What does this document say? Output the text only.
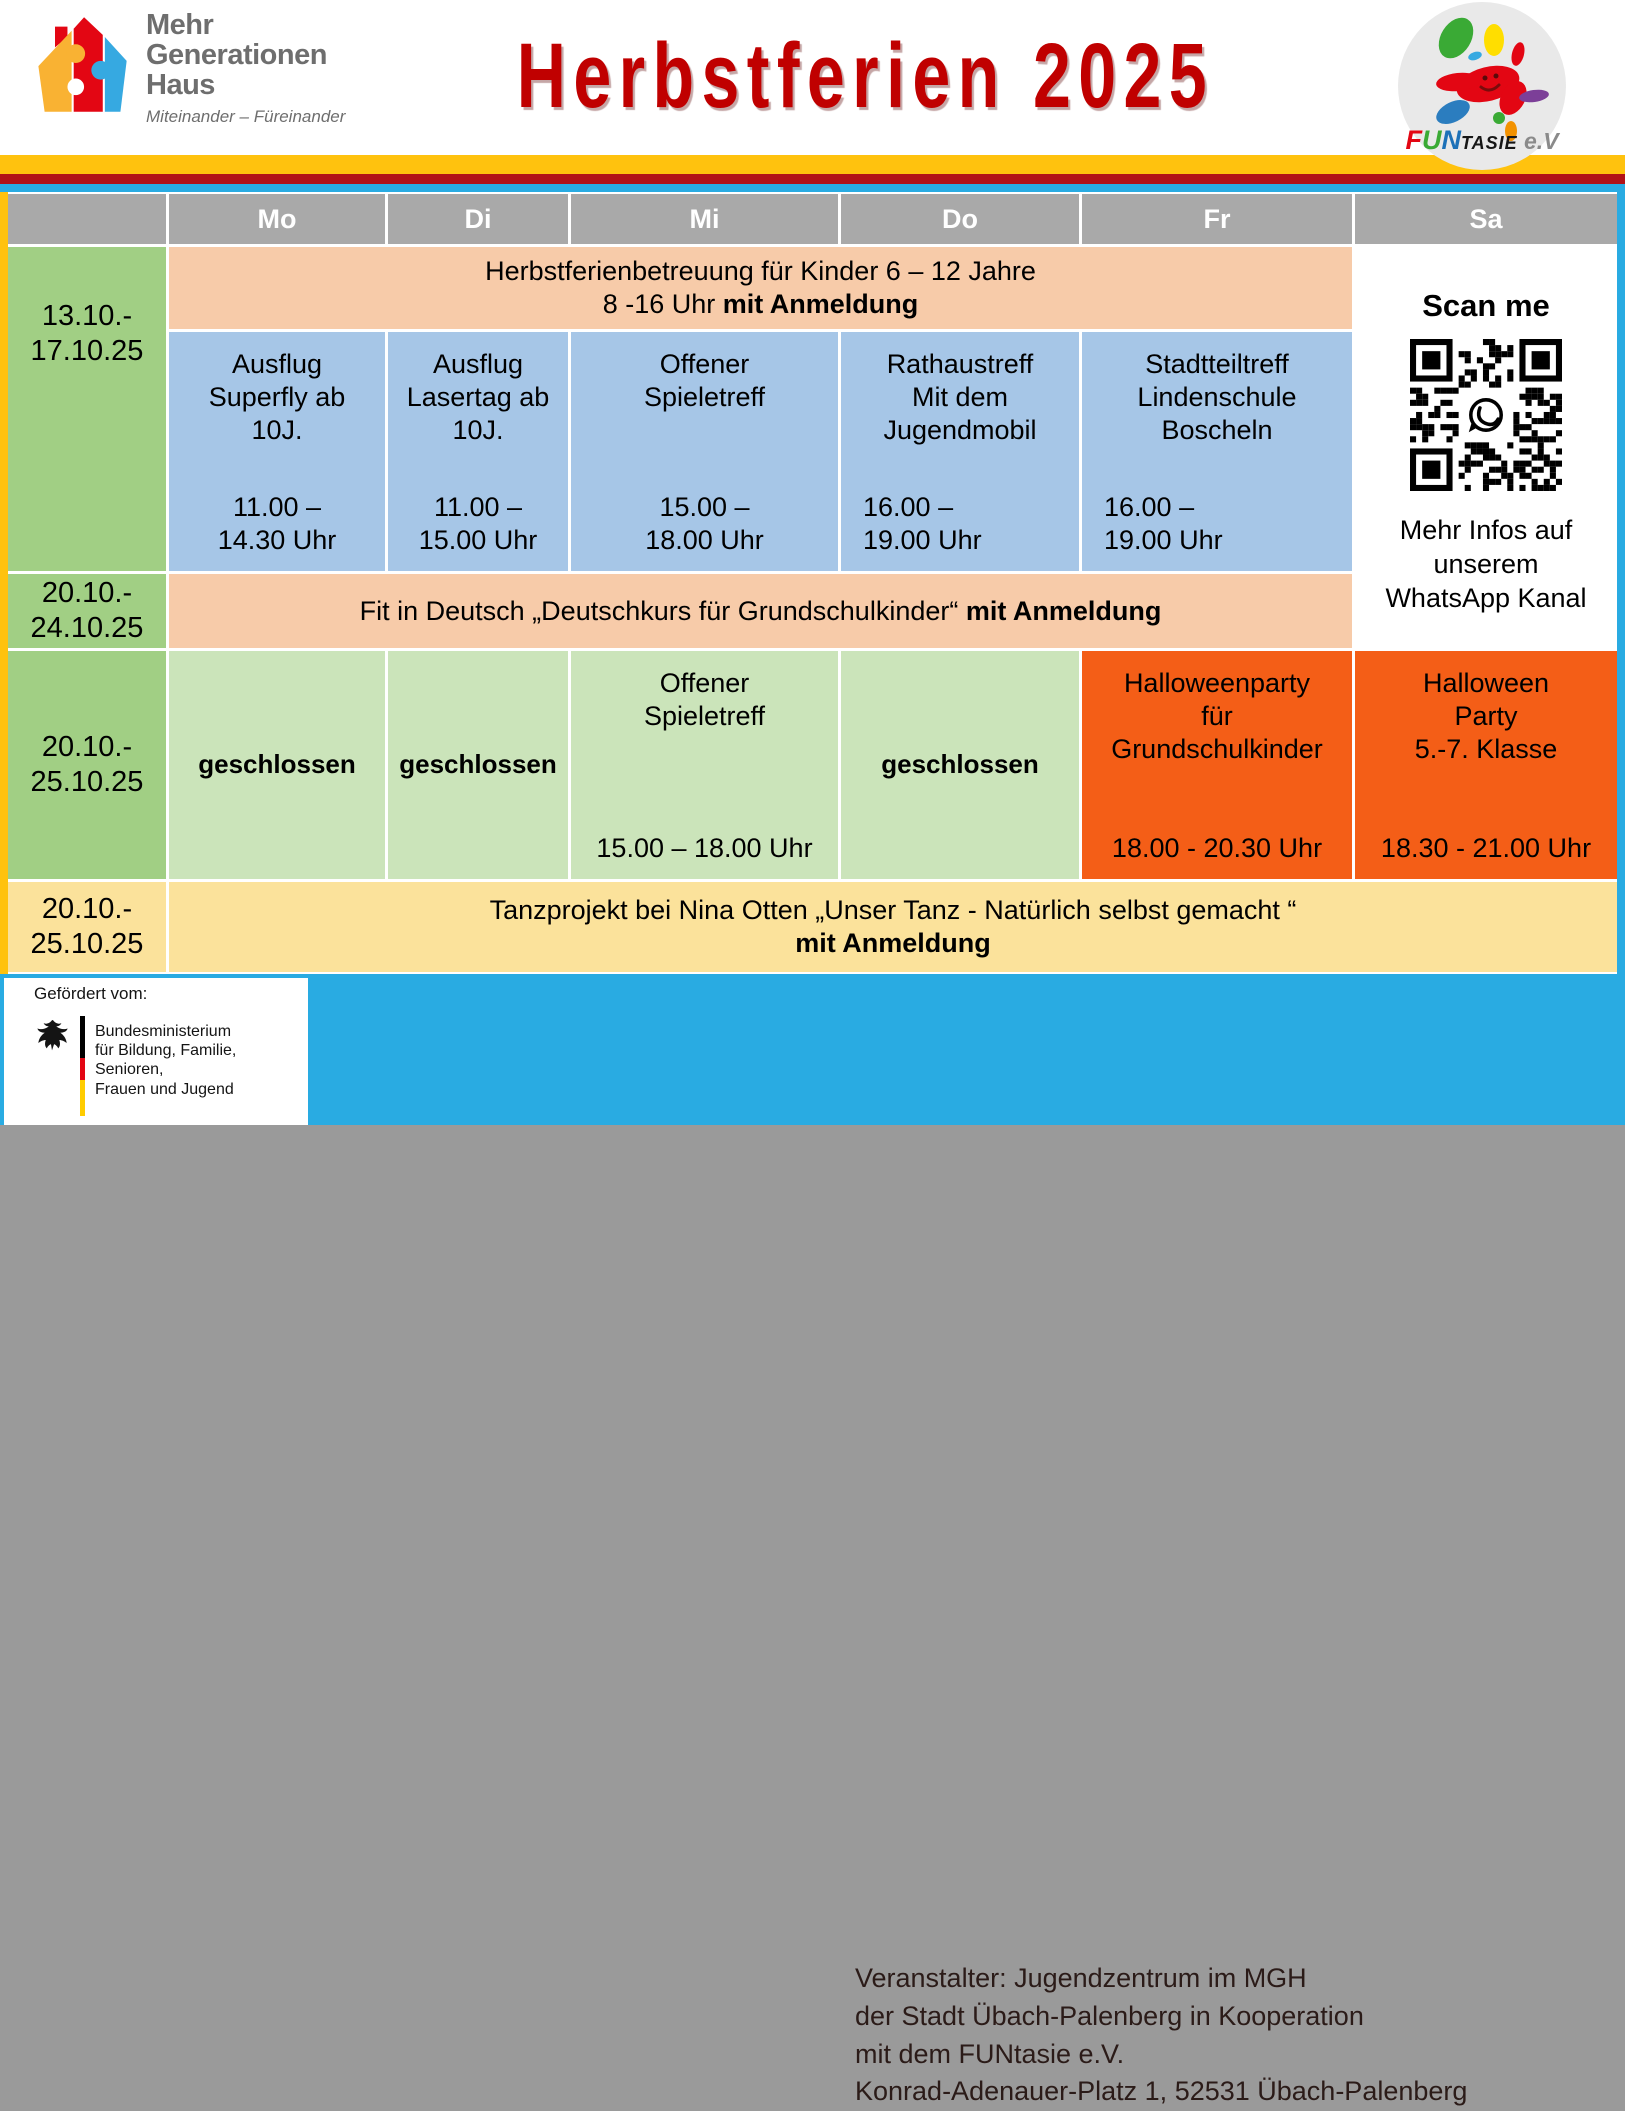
Mehr
Generationen
Haus
Miteinander – Füreinander Herbstferien 2025
FUNTASIE e.V
Mo	Di	Mi	Do	Fr	Sa
13.10.-
17.10.25
Herbstferienbetreuung für Kinder 6 – 12 Jahre
8 -16 Uhr mit Anmeldung	Scan me
Mehr Infos auf
unserem
WhatsApp Kanal
Ausflug
Superfly ab
10J.
11.00 –
14.30 Uhr
Ausflug
Lasertag ab
10J.
11.00 –
15.00 Uhr
Offener
Spieletreff
15.00 –
18.00 Uhr
Rathaustreff
Mit dem
Jugendmobil
16.00 –
19.00 Uhr
Stadtteiltreff
Lindenschule
Boscheln
16.00 –
19.00 Uhr
20.10.-
24.10.25
Fit in Deutsch „Deutschkurs für Grundschulkinder“ mit Anmeldung
20.10.-
25.10.25
geschlossen	geschlossen
Offener
Spieletreff
15.00 – 18.00 Uhr
geschlossen
Halloweenparty
für
Grundschulkinder
18.00 - 20.30 Uhr
Halloween
Party
5.-7. Klasse
18.30 - 21.00 Uhr
20.10.-
25.10.25
Tanzprojekt bei Nina Otten „Unser Tanz - Natürlich selbst gemacht “
mit Anmeldung
Veranstalter: Jugendzentrum im MGH
der Stadt Übach-Palenberg in Kooperation
mit dem FUNtasie e.V.
Konrad-Adenauer-Platz 1, 52531 Übach-Palenberg
Gefördert vom:
Bundesministerium
für Bildung, Familie, Senioren,
Frauen und Jugend
